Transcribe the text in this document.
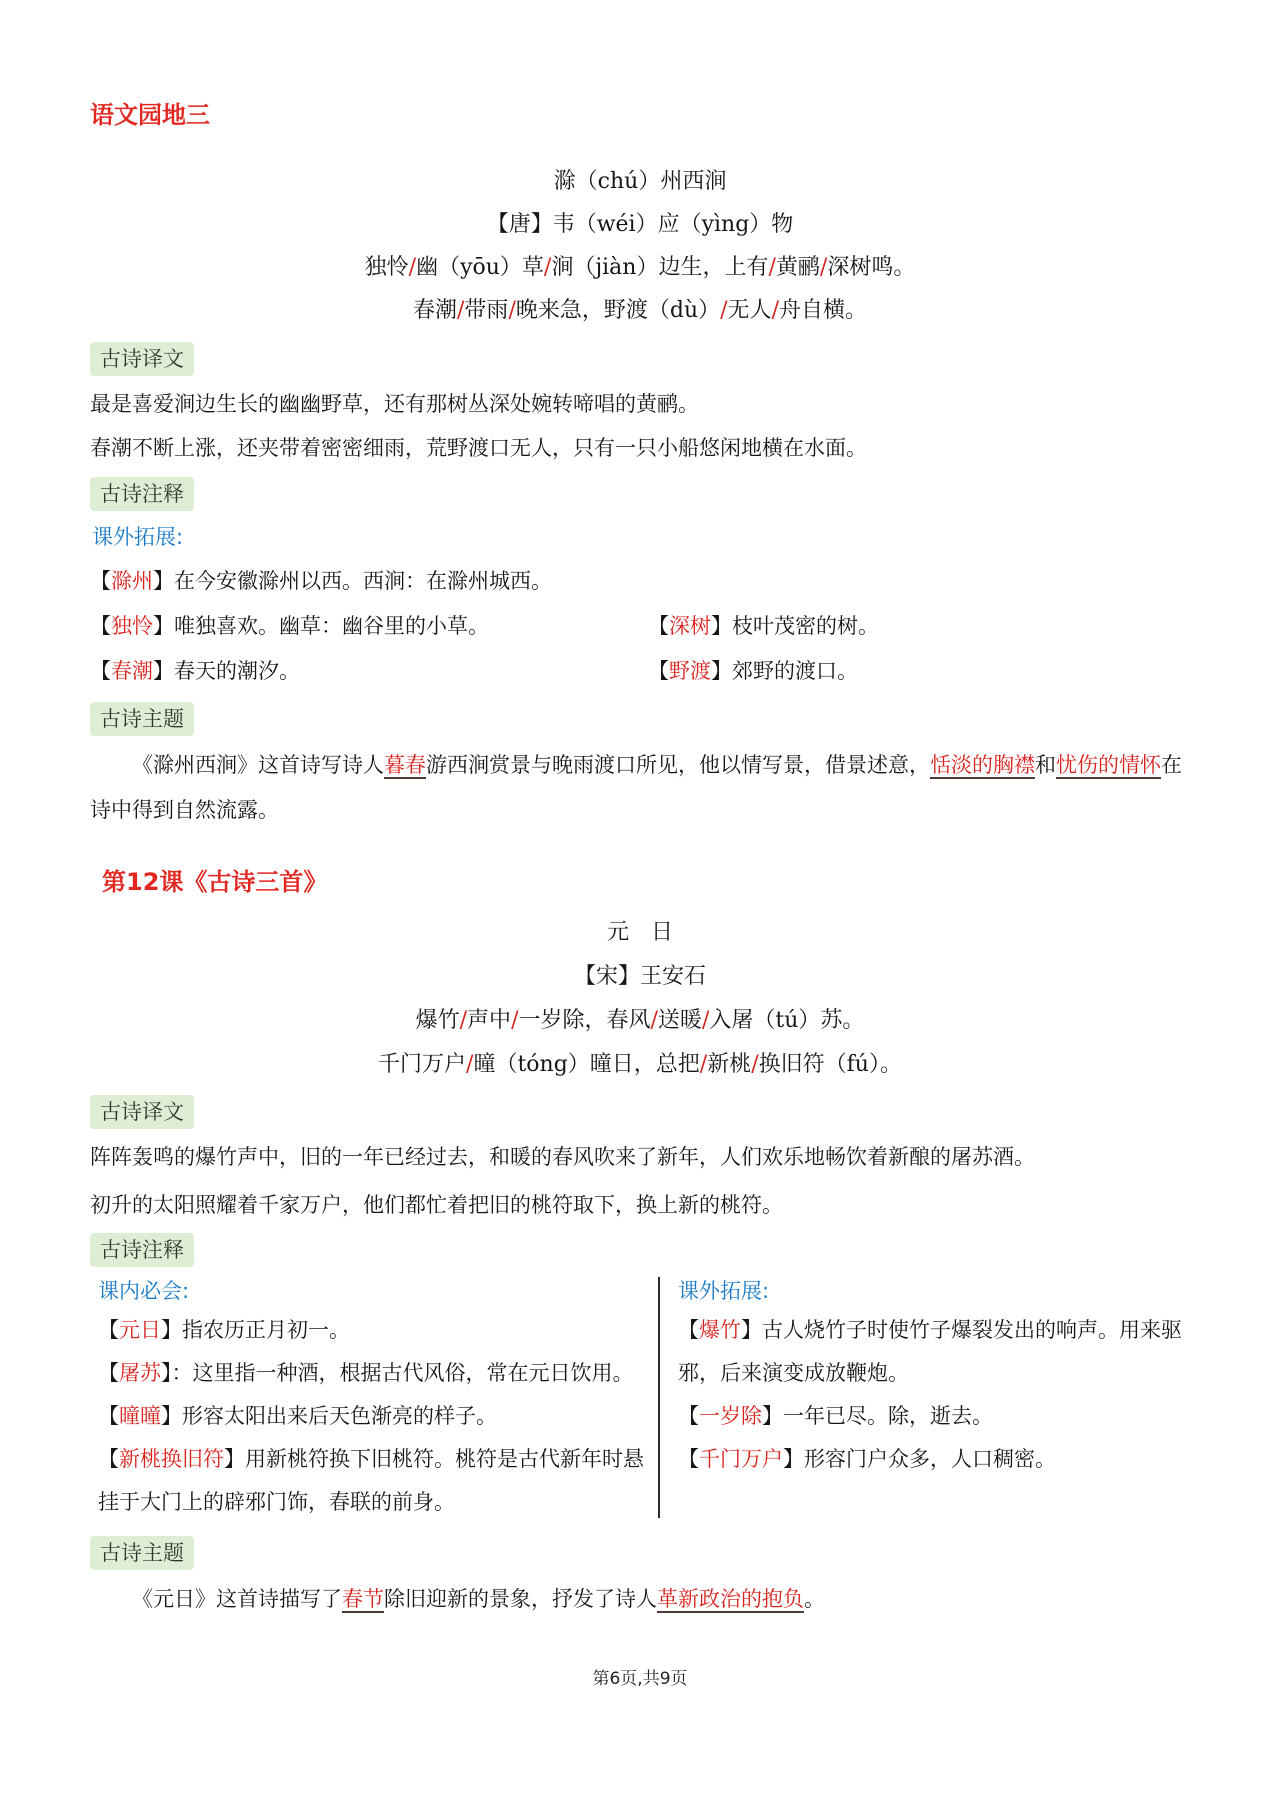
语文园地三
滁（chú）州西涧
【唐】韦（wéi）应（yìng）物
独怜/幽（yōu）草/涧（jiàn）边生，上有/黄鹂/深树鸣。
春潮/带雨/晚来急，野渡（dù）/无人/舟自横。
古诗译文
最是喜爱涧边生长的幽幽野草，还有那树丛深处婉转啼唱的黄鹂。
春潮不断上涨，还夹带着密密细雨，荒野渡口无人，只有一只小船悠闲地横在水面。
古诗注释
课外拓展:
【滁州】在今安徽滁州以西。西涧：在滁州城西。
【独怜】唯独喜欢。幽草：幽谷里的小草。	【深树】枝叶茂密的树。
【春潮】春天的潮汐。	【野渡】郊野的渡口。
古诗主题
《滁州西涧》这首诗写诗人暮春游西涧赏景与晚雨渡口所见，他以情写景，借景述意，恬淡的胸襟和忧伤的情怀在诗中得到自然流露。
第12课《古诗三首》
元　日
【宋】王安石
爆竹/声中/一岁除，春风/送暖/入屠（tú）苏。
千门万户/曈（tóng）曈日，总把/新桃/换旧符（fú）。
古诗译文
阵阵轰鸣的爆竹声中，旧的一年已经过去，和暖的春风吹来了新年，人们欢乐地畅饮着新酿的屠苏酒。
初升的太阳照耀着千家万户，他们都忙着把旧的桃符取下，换上新的桃符。
古诗注释
课内必会:
【元日】指农历正月初一。
【屠苏】：这里指一种酒，根据古代风俗，常在元日饮用。
【曈曈】形容太阳出来后天色渐亮的样子。
【新桃换旧符】用新桃符换下旧桃符。桃符是古代新年时悬挂于大门上的辟邪门饰，春联的前身。
课外拓展:
【爆竹】古人烧竹子时使竹子爆裂发出的响声。用来驱邪，后来演变成放鞭炮。
【一岁除】一年已尽。除，逝去。
【千门万户】形容门户众多，人口稠密。
古诗主题
《元日》这首诗描写了春节除旧迎新的景象，抒发了诗人革新政治的抱负。
第6页,共9页
